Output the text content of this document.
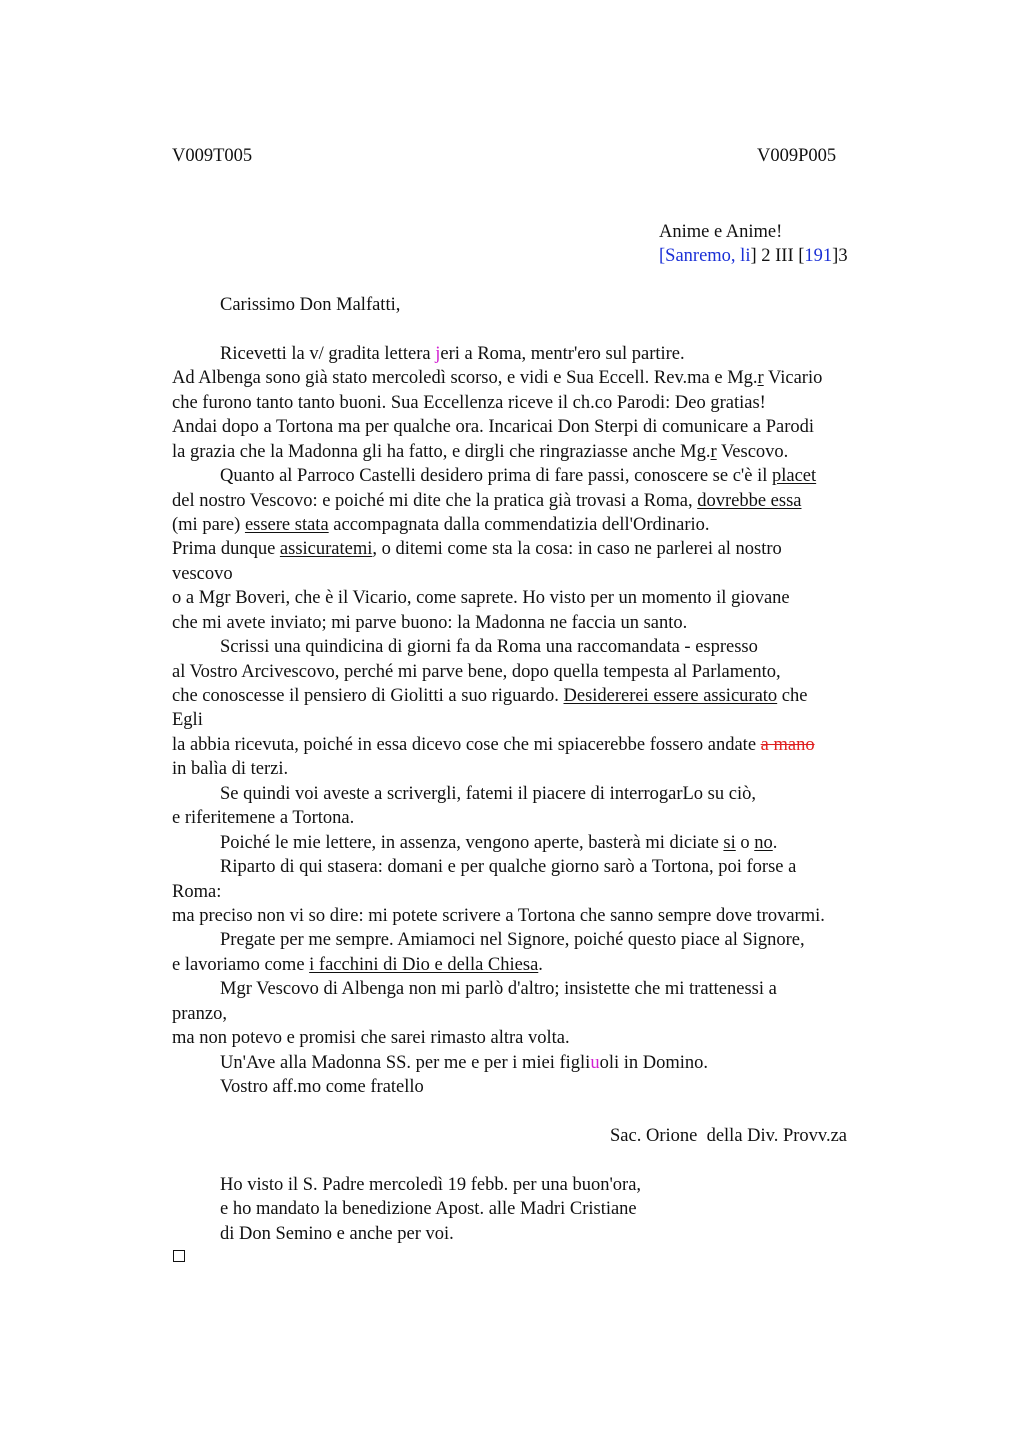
V009T005	V009P005
Anime e Anime!
[Sanremo, li] 2 III [191]3
Carissimo Don Malfatti,
Ricevetti la v/ gradita lettera jeri a Roma, mentr'ero sul partire.
Ad Albenga sono già stato mercoledì scorso, e vidi e Sua Eccell. Rev.ma e Mg.r Vicario
che furono tanto tanto buoni. Sua Eccellenza riceve il ch.co Parodi: Deo gratias!
Andai dopo a Tortona ma per qualche ora. Incaricai Don Sterpi di comunicare a Parodi
la grazia che la Madonna gli ha fatto, e dirgli che ringraziasse anche Mg.r Vescovo.
Quanto al Parroco Castelli desidero prima di fare passi, conoscere se c'è il placet
del nostro Vescovo: e poiché mi dite che la pratica già trovasi a Roma, dovrebbe essa
(mi pare) essere stata accompagnata dalla commendatizia dell'Ordinario.
Prima dunque assicuratemi, o ditemi come sta la cosa: in caso ne parlerei al nostro
vescovo
o a Mgr Boveri, che è il Vicario, come saprete. Ho visto per un momento il giovane
che mi avete inviato; mi parve buono: la Madonna ne faccia un santo.
Scrissi una quindicina di giorni fa da Roma una raccomandata - espresso
al Vostro Arcivescovo, perché mi parve bene, dopo quella tempesta al Parlamento,
che conoscesse il pensiero di Giolitti a suo riguardo. Desidererei essere assicurato che
Egli
la abbia ricevuta, poiché in essa dicevo cose che mi spiacerebbe fossero andate a mano
in balìa di terzi.
Se quindi voi aveste a scrivergli, fatemi il piacere di interrogarLo su ciò,
e riferitemene a Tortona.
Poiché le mie lettere, in assenza, vengono aperte, basterà mi diciate si o no.
Riparto di qui stasera: domani e per qualche giorno sarò a Tortona, poi forse a
Roma:
ma preciso non vi so dire: mi potete scrivere a Tortona che sanno sempre dove trovarmi.
Pregate per me sempre. Amiamoci nel Signore, poiché questo piace al Signore,
e lavoriamo come i facchini di Dio e della Chiesa.
Mgr Vescovo di Albenga non mi parlò d'altro; insistette che mi trattenessi a
pranzo,
ma non potevo e promisi che sarei rimasto altra volta.
Un'Ave alla Madonna SS. per me e per i miei figliuoli in Domino.
Vostro aff.mo come fratello
Sac. Orione  della Div. Provv.za
Ho visto il S. Padre mercoledì 19 febb. per una buon'ora,
e ho mandato la benedizione Apost. alle Madri Cristiane
di Don Semino e anche per voi.
